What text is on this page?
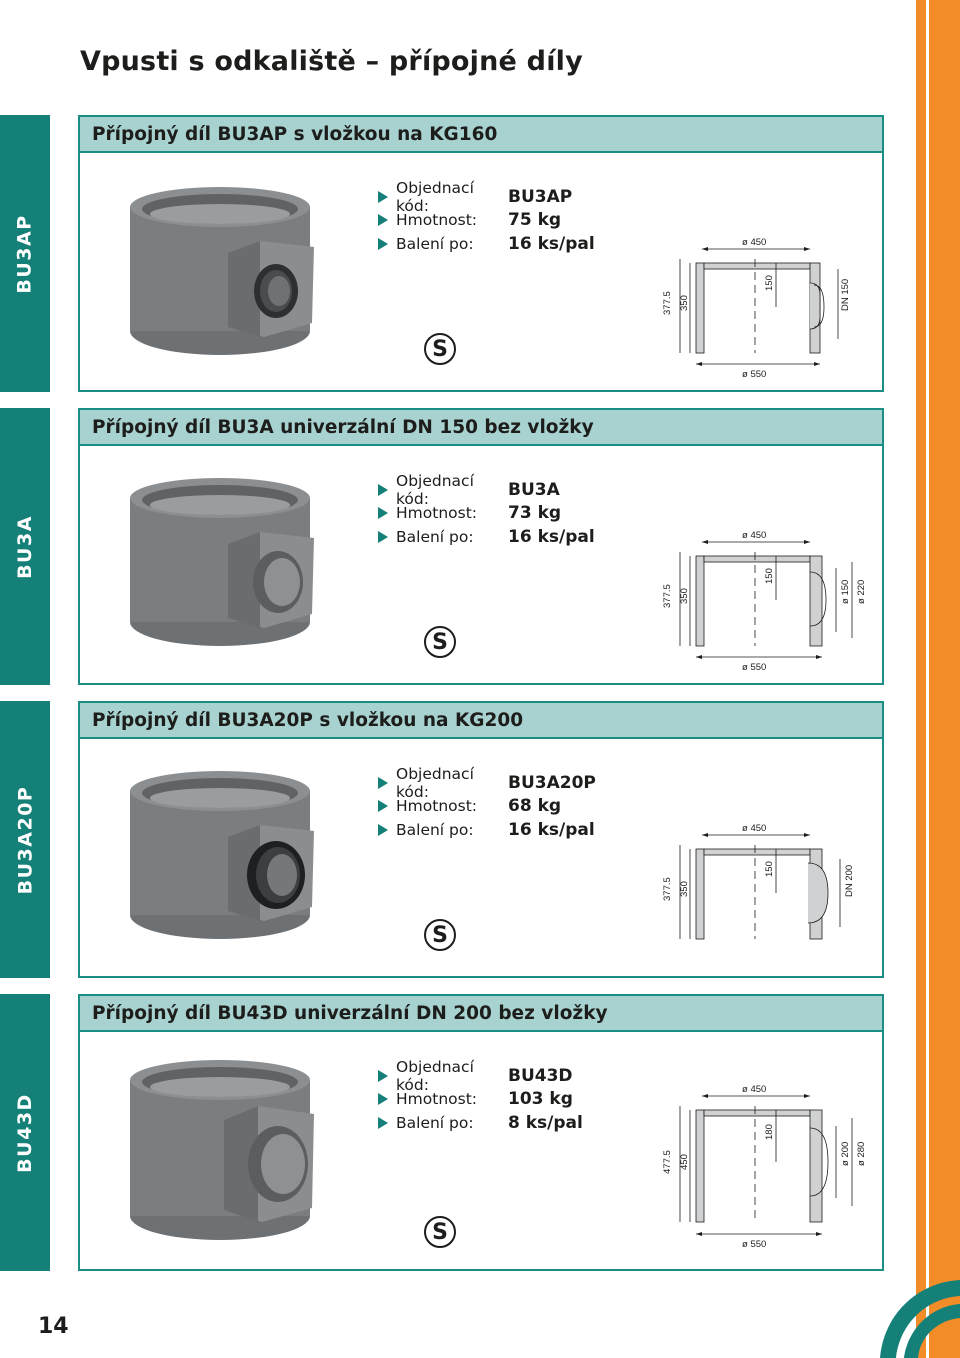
Vpusti s odkaliště – přípojné díly
BU3AP
Přípojný díl BU3AP s vložkou na KG160
Objednací kód:	BU3AP
Hmotnost:	75 kg
Balení po:	16 ks/pal
S
ø 450
377.5 350
150	DN 150
ø 550
BU3A
Přípojný díl BU3A univerzální DN 150 bez vložky
Objednací kód:	BU3A
Hmotnost:	73 kg
Balení po:	16 ks/pal
S
ø 450
377.5 350
150
ø 150 ø 220
ø 550
BU3A20P
Přípojný díl BU3A20P s vložkou na KG200
Objednací kód:	BU3A20P
Hmotnost:	68 kg
Balení po:	16 ks/pal
S
ø 450
377.5 350
150	DN 200
BU43D
Přípojný díl BU43D univerzální DN 200 bez vložky
Objednací kód:	BU43D
Hmotnost:	103 kg
Balení po:	8 ks/pal
S
ø 450
477.5 450
180
ø 200 ø 280
ø 550
14
